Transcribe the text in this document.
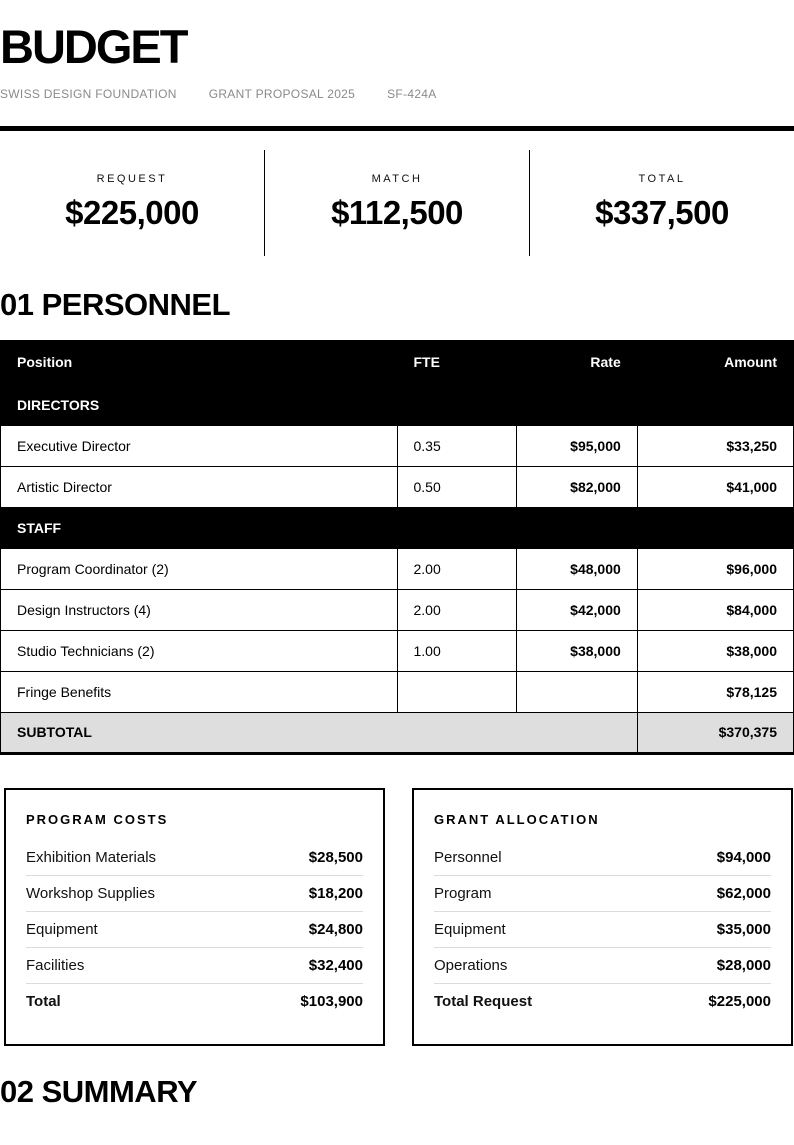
BUDGET
SWISS DESIGN FOUNDATION	GRANT PROPOSAL 2025	SF-424A
REQUEST
$225,000
MATCH
$112,500
TOTAL
$337,500
01 PERSONNEL
Position	FTE	Rate	Amount
DIRECTORS			
Executive Director	0.35	$95,000	$33,250
Artistic Director	0.50	$82,000	$41,000
STAFF			
Program Coordinator (2)	2.00	$48,000	$96,000
Design Instructors (4)	2.00	$42,000	$84,000
Studio Technicians (2)	1.00	$38,000	$38,000
Fringe Benefits			$78,125
SUBTOTAL			$370,375
PROGRAM COSTS
Exhibition Materials	$28,500
Workshop Supplies	$18,200
Equipment	$24,800
Facilities	$32,400
Total	$103,900
GRANT ALLOCATION
Personnel	$94,000
Program	$62,000
Equipment	$35,000
Operations	$28,000
Total Request	$225,000
02 SUMMARY
